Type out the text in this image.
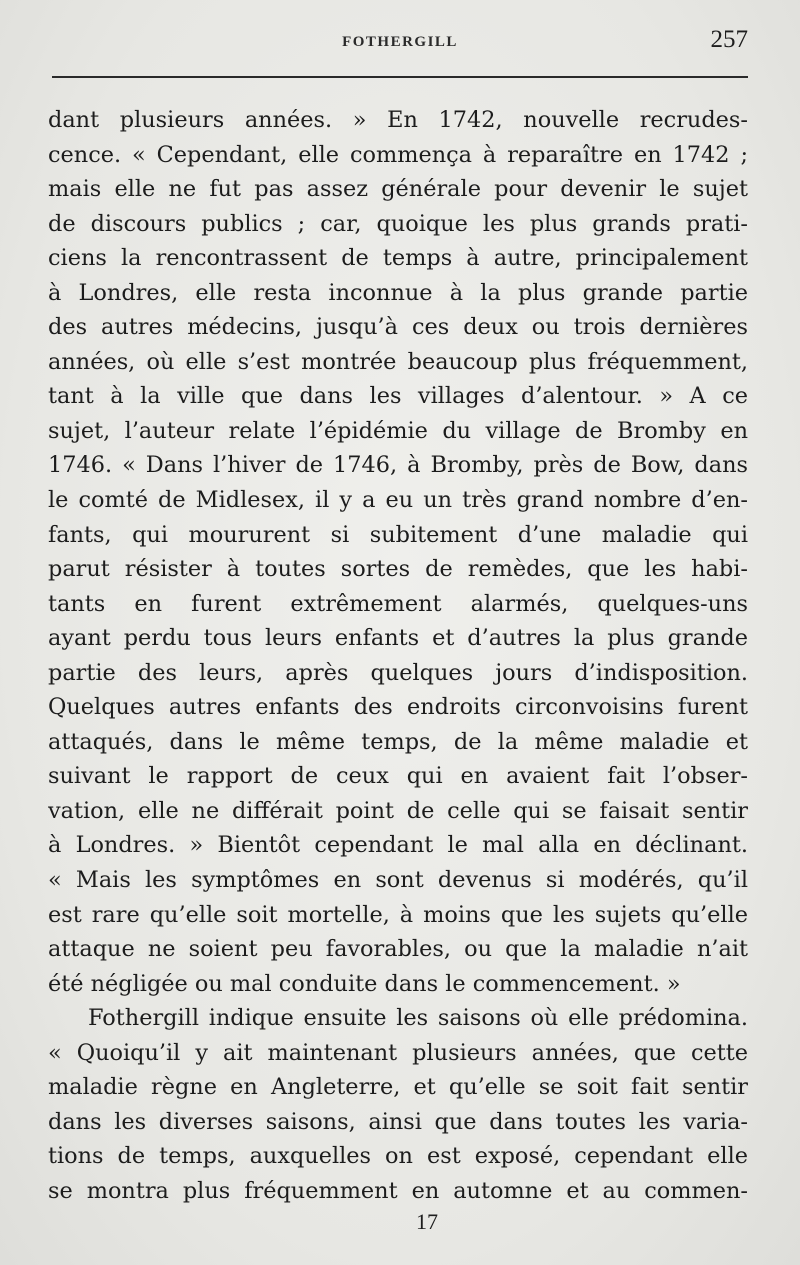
FOTHERGILL	257
dant plusieurs années. » En 1742, nouvelle recrudes-
cence. « Cependant, elle commença à reparaître en 1742 ;
mais elle ne fut pas assez générale pour devenir le sujet
de discours publics ; car, quoique les plus grands prati-
ciens la rencontrassent de temps à autre, principalement
à Londres, elle resta inconnue à la plus grande partie
des autres médecins, jusqu’à ces deux ou trois dernières
années, où elle s’est montrée beaucoup plus fréquemment,
tant à la ville que dans les villages d’alentour. » A ce
sujet, l’auteur relate l’épidémie du village de Bromby en
1746. « Dans l’hiver de 1746, à Bromby, près de Bow, dans
le comté de Midlesex, il y a eu un très grand nombre d’en-
fants, qui moururent si subitement d’une maladie qui
parut résister à toutes sortes de remèdes, que les habi-
tants en furent extrêmement alarmés, quelques-uns
ayant perdu tous leurs enfants et d’autres la plus grande
partie des leurs, après quelques jours d’indisposition.
Quelques autres enfants des endroits circonvoisins furent
attaqués, dans le même temps, de la même maladie et
suivant le rapport de ceux qui en avaient fait l’obser-
vation, elle ne différait point de celle qui se faisait sentir
à Londres. » Bientôt cependant le mal alla en déclinant.
« Mais les symptômes en sont devenus si modérés, qu’il
est rare qu’elle soit mortelle, à moins que les sujets qu’elle
attaque ne soient peu favorables, ou que la maladie n’ait
été négligée ou mal conduite dans le commencement. »
Fothergill indique ensuite les saisons où elle prédomina.
« Quoiqu’il y ait maintenant plusieurs années, que cette
maladie règne en Angleterre, et qu’elle se soit fait sentir
dans les diverses saisons, ainsi que dans toutes les varia-
tions de temps, auxquelles on est exposé, cependant elle
se montra plus fréquemment en automne et au commen-
17
